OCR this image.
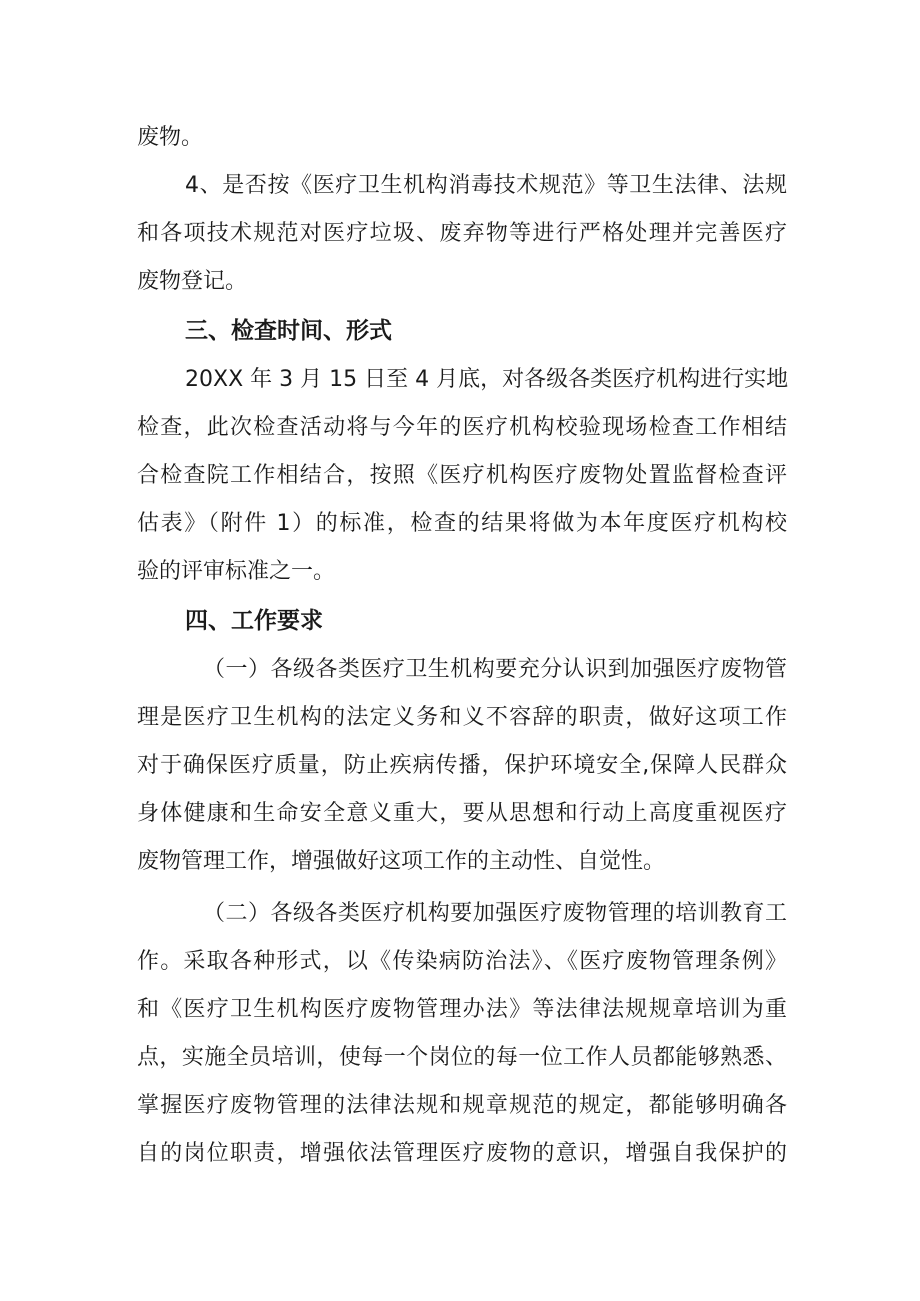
废物。
4、是否按《医疗卫生机构消毒技术规范》等卫生法律、法规
和各项技术规范对医疗垃圾、废弃物等进行严格处理并完善医疗
废物登记。
三、检查时间、形式
20XX 年 3 月 15 日至 4 月底，对各级各类医疗机构进行实地
检查，此次检查活动将与今年的医疗机构校验现场检查工作相结
合检查院工作相结合，按照《医疗机构医疗废物处置监督检查评
估表》（附件 1）的标准，检查的结果将做为本年度医疗机构校
验的评审标准之一。
四、工作要求
（一）各级各类医疗卫生机构要充分认识到加强医疗废物管
理是医疗卫生机构的法定义务和义不容辞的职责，做好这项工作
对于确保医疗质量，防止疾病传播，保护环境安全,保障人民群众
身体健康和生命安全意义重大，要从思想和行动上高度重视医疗
废物管理工作，增强做好这项工作的主动性、自觉性。
（二）各级各类医疗机构要加强医疗废物管理的培训教育工
作。采取各种形式，以《传染病防治法》、《医疗废物管理条例》
和《医疗卫生机构医疗废物管理办法》等法律法规规章培训为重
点，实施全员培训，使每一个岗位的每一位工作人员都能够熟悉、
掌握医疗废物管理的法律法规和规章规范的规定，都能够明确各
自的岗位职责，增强依法管理医疗废物的意识，增强自我保护的
